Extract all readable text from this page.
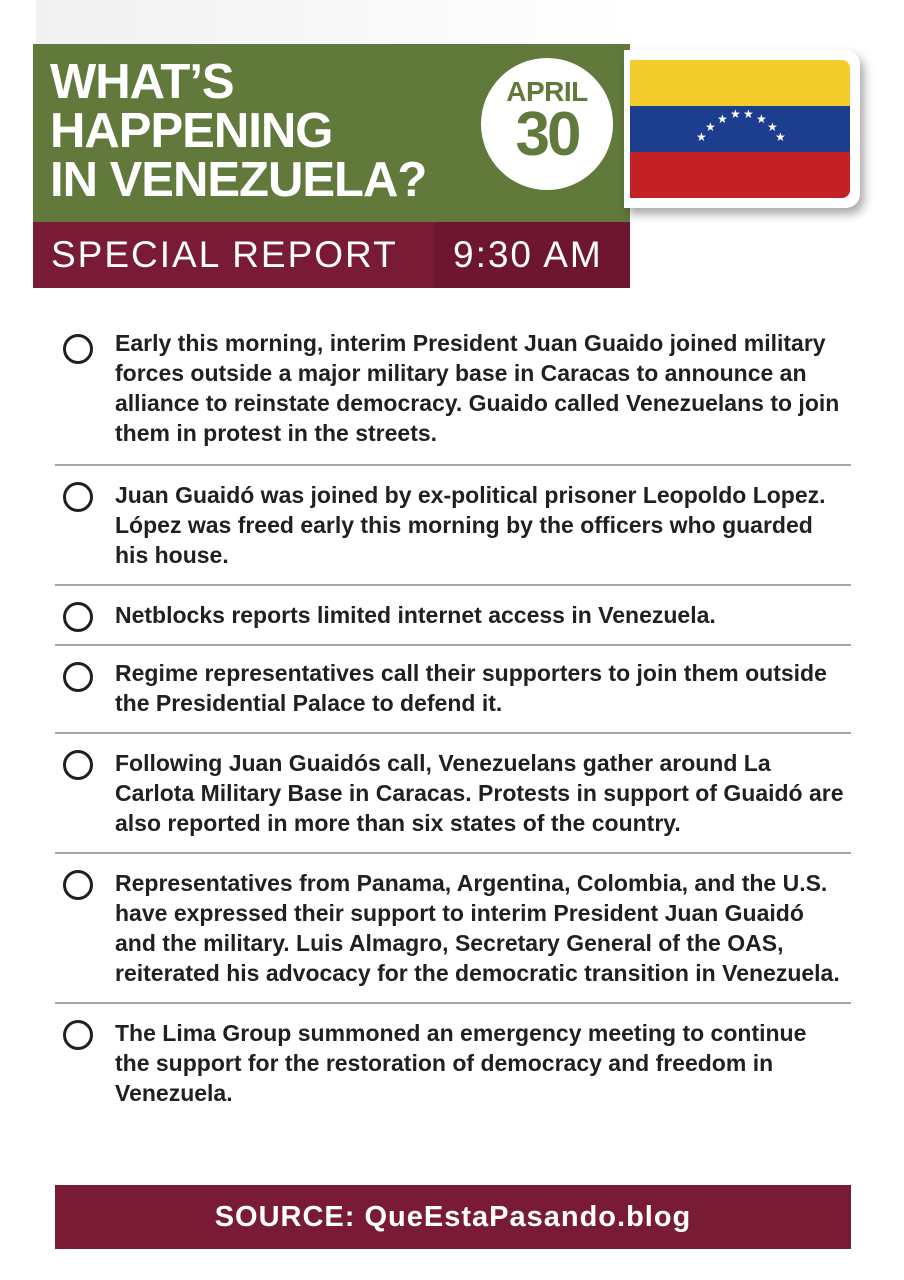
WHAT’S
HAPPENING
IN VENEZUELA?
APRIL
30
SPECIAL REPORT 9:30 AM
★
★
★ ★ ★ ★
★
★
Early this morning, interim President Juan Guaido joined military forces outside a major military base in Caracas to announce an alliance to reinstate democracy. Guaido called Venezuelans to join them in protest in the streets.
Juan Guaidó was joined by ex-political prisoner Leopoldo Lopez. López was freed early this morning by the officers who guarded his house.
Netblocks reports limited internet access in Venezuela.
Regime representatives call their supporters to join them outside the Presidential Palace to defend it.
Following Juan Guaidós call, Venezuelans gather around La Carlota Military Base in Caracas. Protests in support of Guaidó are also reported in more than six states of the country.
Representatives from Panama, Argentina, Colombia, and the U.S. have expressed their support to interim President Juan Guaidó and the military. Luis Almagro, Secretary General of the OAS, reiterated his advocacy for the democratic transition in Venezuela.
The Lima Group summoned an emergency meeting to continue the support for the restoration of democracy and freedom in Venezuela.
SOURCE: QueEstaPasando.blog
